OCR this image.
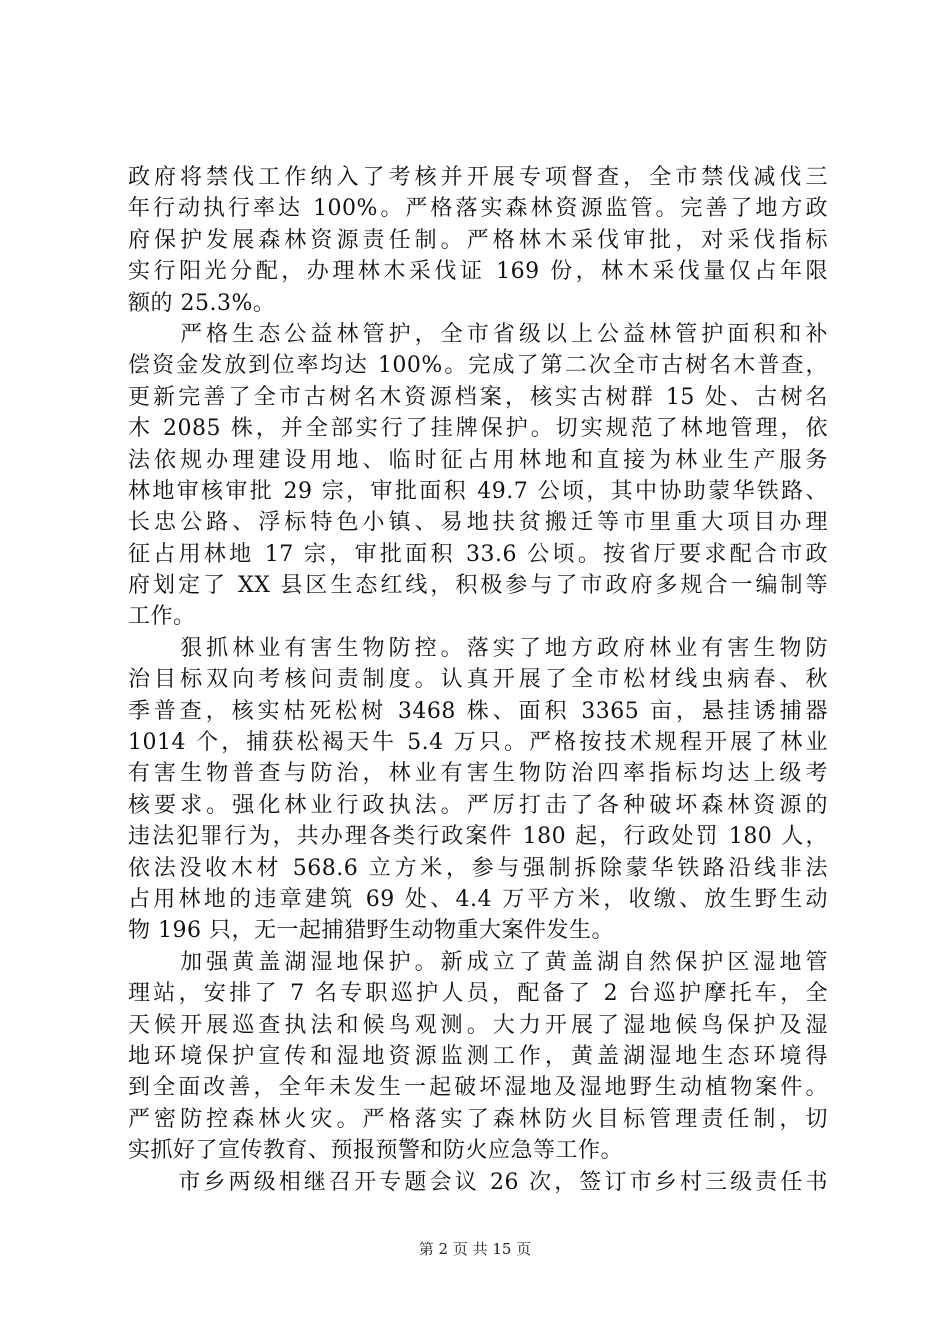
政府将禁伐工作纳入了考核并开展专项督查，全市禁伐减伐三
年行动执行率达 100%。严格落实森林资源监管。完善了地方政
府保护发展森林资源责任制。严格林木采伐审批，对采伐指标
实行阳光分配，办理林木采伐证 169 份，林木采伐量仅占年限
额的 25.3%。
　　严格生态公益林管护，全市省级以上公益林管护面积和补
偿资金发放到位率均达 100%。完成了第二次全市古树名木普查，
更新完善了全市古树名木资源档案，核实古树群 15 处、古树名
木 2085 株，并全部实行了挂牌保护。切实规范了林地管理，依
法依规办理建设用地、临时征占用林地和直接为林业生产服务
林地审核审批 29 宗，审批面积 49.7 公顷，其中协助蒙华铁路、
长忠公路、浮标特色小镇、易地扶贫搬迁等市里重大项目办理
征占用林地 17 宗，审批面积 33.6 公顷。按省厅要求配合市政
府划定了 XX 县区生态红线，积极参与了市政府多规合一编制等
工作。
　　狠抓林业有害生物防控。落实了地方政府林业有害生物防
治目标双向考核问责制度。认真开展了全市松材线虫病春、秋
季普查，核实枯死松树 3468 株、面积 3365 亩，悬挂诱捕器
1014 个，捕获松褐天牛 5.4 万只。严格按技术规程开展了林业
有害生物普查与防治，林业有害生物防治四率指标均达上级考
核要求。强化林业行政执法。严厉打击了各种破坏森林资源的
违法犯罪行为，共办理各类行政案件 180 起，行政处罚 180 人，
依法没收木材 568.6 立方米，参与强制拆除蒙华铁路沿线非法
占用林地的违章建筑 69 处、4.4 万平方米，收缴、放生野生动
物 196 只，无一起捕猎野生动物重大案件发生。
　　加强黄盖湖湿地保护。新成立了黄盖湖自然保护区湿地管
理站，安排了 7 名专职巡护人员，配备了 2 台巡护摩托车，全
天候开展巡查执法和候鸟观测。大力开展了湿地候鸟保护及湿
地环境保护宣传和湿地资源监测工作，黄盖湖湿地生态环境得
到全面改善，全年未发生一起破坏湿地及湿地野生动植物案件。
严密防控森林火灾。严格落实了森林防火目标管理责任制，切
实抓好了宣传教育、预报预警和防火应急等工作。
　　市乡两级相继召开专题会议 26 次，签订市乡村三级责任书
第 2 页 共 15 页
